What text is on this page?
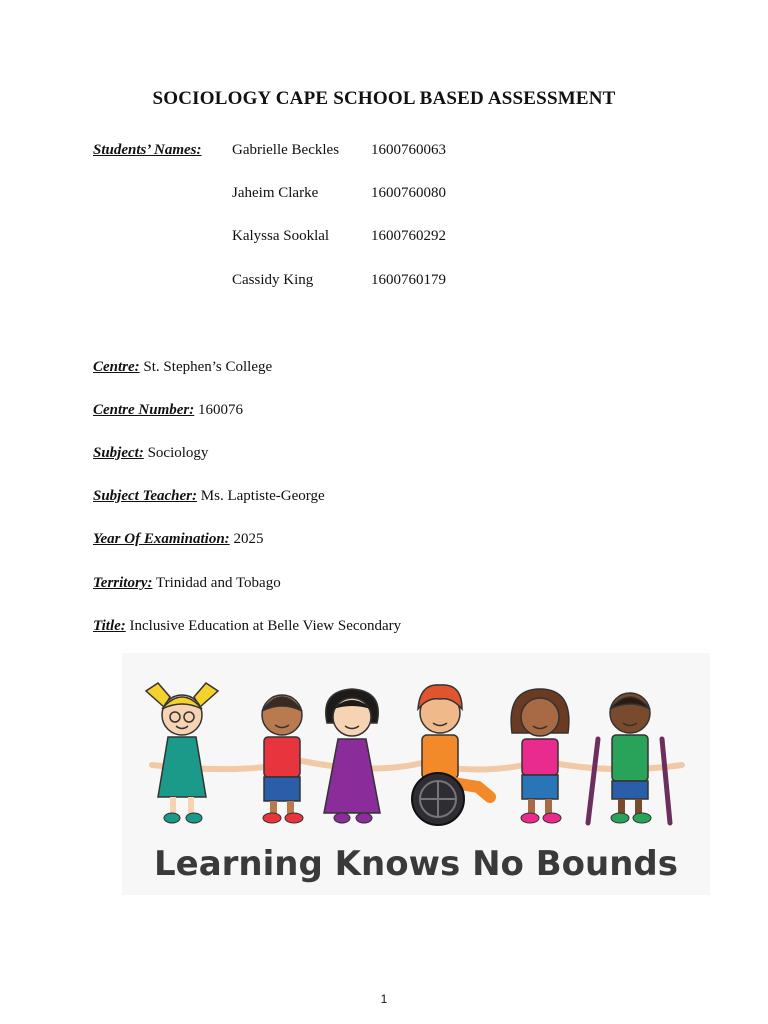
SOCIOLOGY CAPE SCHOOL BASED ASSESSMENT
Students’ Names: Gabrielle Beckles 1600760063
Jaheim Clarke	1600760080
Kalyssa Sooklal	1600760292
Cassidy King	1600760179
Centre: St. Stephen’s College
Centre Number: 160076
Subject: Sociology
Subject Teacher: Ms. Laptiste-George
Year Of Examination: 2025
Territory: Trinidad and Tobago
Title: Inclusive Education at Belle View Secondary
Learning Knows No Bounds
1
